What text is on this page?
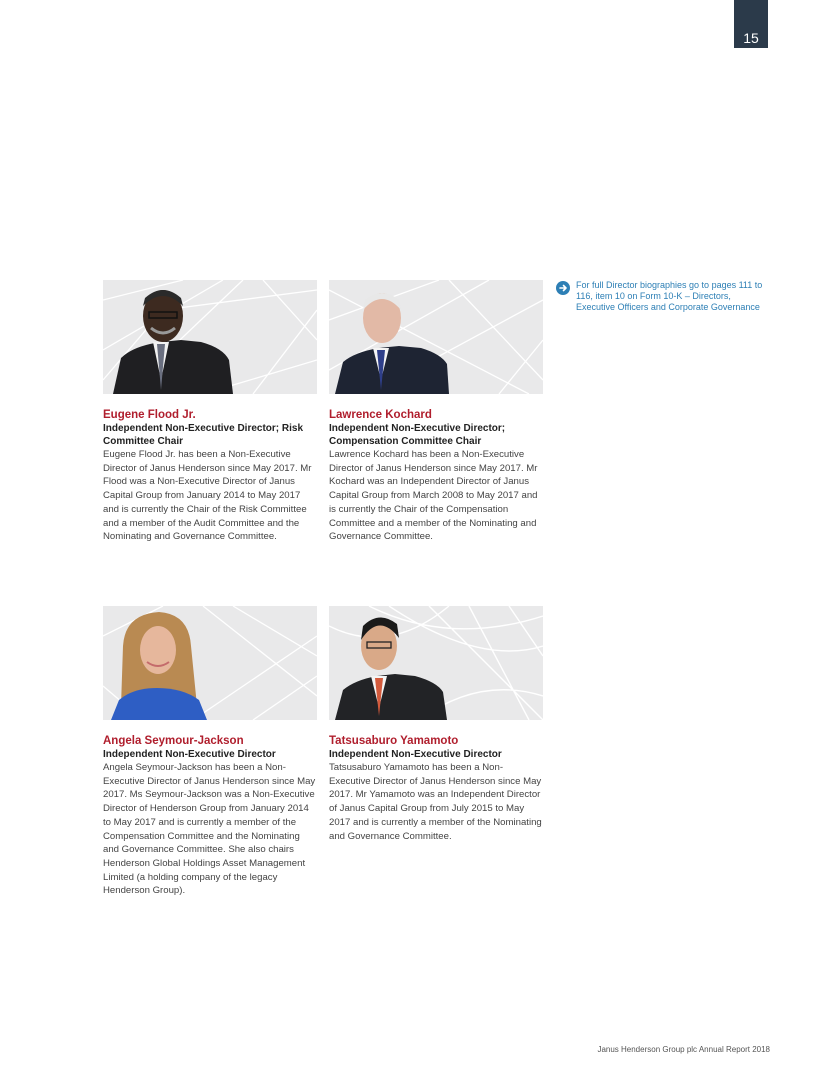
15
For full Director biographies go to pages 111 to 116, item 10 on Form 10-K – Directors, Executive Officers and Corporate Governance
Eugene Flood Jr.
Independent Non-Executive Director; Risk Committee Chair
Eugene Flood Jr. has been a Non-Executive Director of Janus Henderson since May 2017. Mr Flood was a Non-Executive Director of Janus Capital Group from January 2014 to May 2017 and is currently the Chair of the Risk Committee and a member of the Audit Committee and the Nominating and Governance Committee.
Lawrence Kochard
Independent Non-Executive Director; Compensation Committee Chair
Lawrence Kochard has been a Non-Executive Director of Janus Henderson since May 2017. Mr Kochard was an Independent Director of Janus Capital Group from March 2008 to May 2017 and is currently the Chair of the Compensation Committee and a member of the Nominating and Governance Committee.
Angela Seymour-Jackson
Independent Non-Executive Director
Angela Seymour-Jackson has been a Non-Executive Director of Janus Henderson since May 2017. Ms Seymour-Jackson was a Non-Executive Director of Henderson Group from January 2014 to May 2017 and is currently a member of the Compensation Committee and the Nominating and Governance Committee. She also chairs Henderson Global Holdings Asset Management Limited (a holding company of the legacy Henderson Group).
Tatsusaburo Yamamoto
Independent Non-Executive Director
Tatsusaburo Yamamoto has been a Non-Executive Director of Janus Henderson since May 2017. Mr Yamamoto was an Independent Director of Janus Capital Group from July 2015 to May 2017 and is currently a member of the Nominating and Governance Committee.
Janus Henderson Group plc Annual Report 2018
